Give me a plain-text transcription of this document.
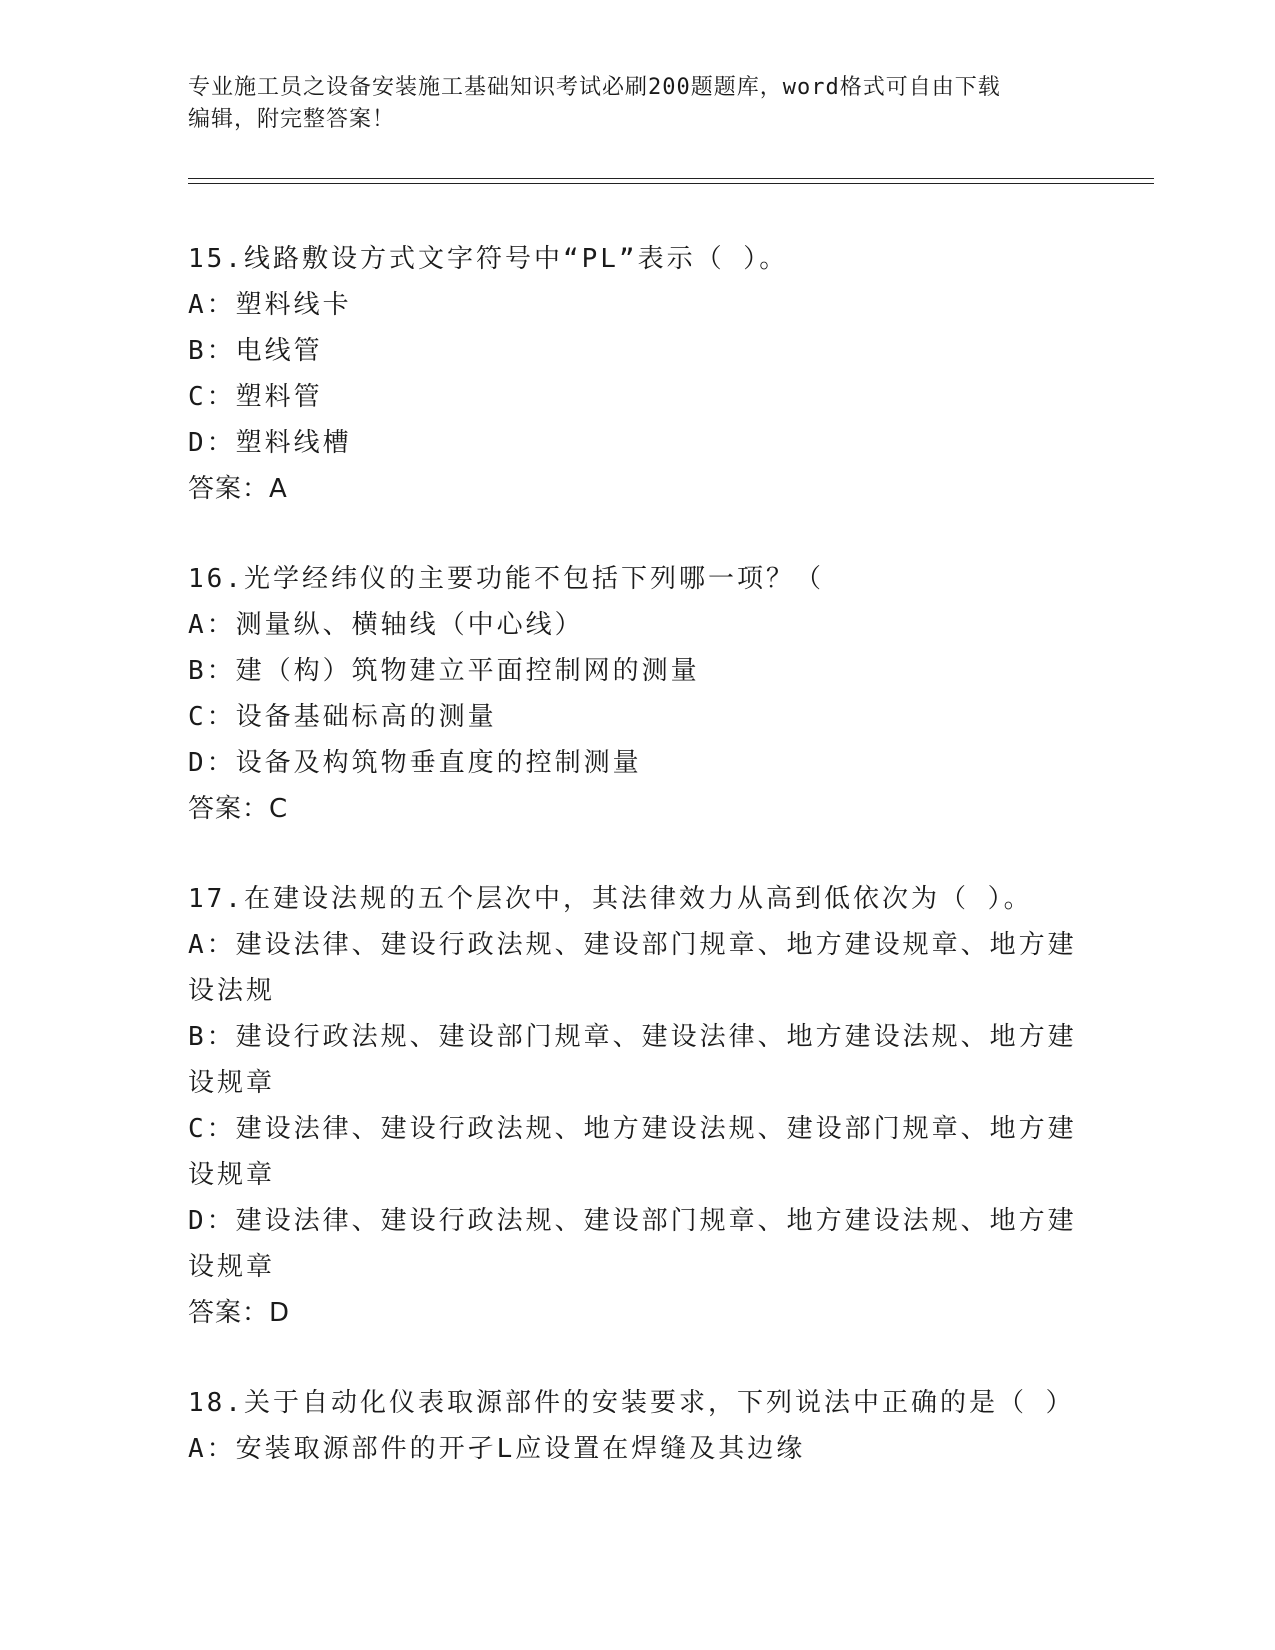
专业施工员之设备安装施工基础知识考试必刷200题题库，word格式可自由下载
编辑，附完整答案！
15.线路敷设方式文字符号中“PL”表示（ ）。
A：塑料线卡
B：电线管
C：塑料管
D：塑料线槽
答案：A
16.光学经纬仪的主要功能不包括下列哪一项？（
A：测量纵、横轴线（中心线）
B：建（构）筑物建立平面控制网的测量
C：设备基础标高的测量
D：设备及构筑物垂直度的控制测量
答案：C
17.在建设法规的五个层次中，其法律效力从高到低依次为（ ）。
A：建设法律、建设行政法规、建设部门规章、地方建设规章、地方建设法规
B：建设行政法规、建设部门规章、建设法律、地方建设法规、地方建设规章
C：建设法律、建设行政法规、地方建设法规、建设部门规章、地方建设规章
D：建设法律、建设行政法规、建设部门规章、地方建设法规、地方建设规章
答案：D
18.关于自动化仪表取源部件的安装要求，下列说法中正确的是（ ）
A：安装取源部件的开孑L应设置在焊缝及其边缘
